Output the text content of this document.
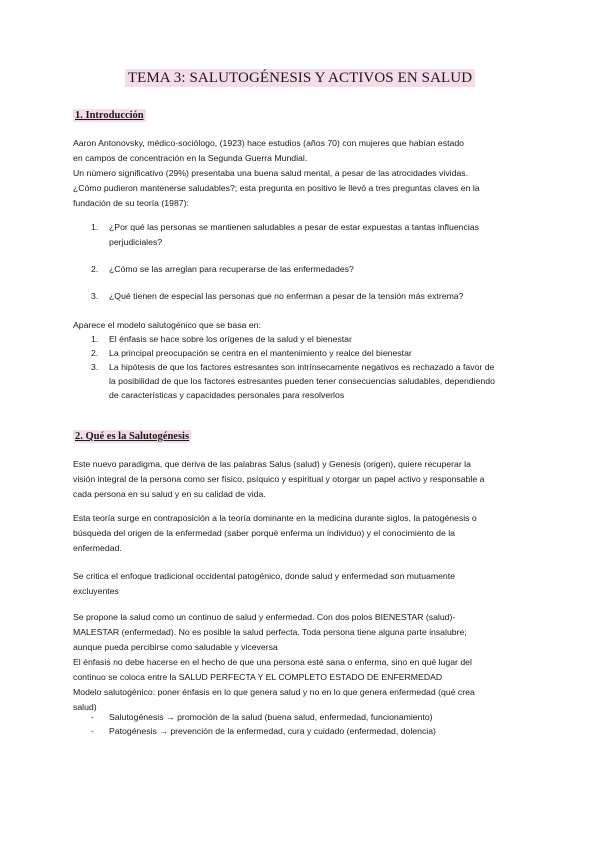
TEMA 3: SALUTOGÉNESIS Y ACTIVOS EN SALUD
1. Introducción
Aaron Antonovsky, médico-sociólogo, (1923) hace estudios (años 70) con mujeres que habían estado
en campos de concentración en la Segunda Guerra Mundial.
Un número significativo (29%) presentaba una buena salud mental, a pesar de las atrocidades vividas.
¿Cómo pudieron mantenerse saludables?; esta pregunta en positivo le llevó a tres preguntas claves en la
fundación de su teoría (1987):
1. ¿Por qué las personas se mantienen saludables a pesar de estar expuestas a tantas influencias
perjudiciales?
2. ¿Cómo se las arreglan para recuperarse de las enfermedades?
3. ¿Qué tienen de especial las personas que no enferman a pesar de la tensión más extrema?
Aparece el modelo salutogénico que se basa en:
1. El énfasis se hace sobre los orígenes de la salud y el bienestar
2. La principal preocupación se centra en el mantenimiento y realce del bienestar
3. La hipótesis de que los factores estresantes son intrínsecamente negativos es rechazado a favor de
la posibilidad de que los factores estresantes pueden tener consecuencias saludables, dependiendo
de características y capacidades personales para resolverlos
2. Qué es la Salutogénesis
Este nuevo paradigma, que deriva de las palabras Salus (salud) y Genesis (origen), quiere recuperar la
visión integral de la persona como ser físico, psíquico y espiritual y otorgar un papel activo y responsable a
cada persona en su salud y en su calidad de vida.
Esta teoría surge en contraposición a la teoría dominante en la medicina durante siglos, la patogénesis o
búsqueda del origen de la enfermedad (saber porqué enferma un individuo) y el conocimiento de la
enfermedad.
Se critica el enfoque tradicional occidental patogénico, donde salud y enfermedad son mutuamente
excluyentes
Se propone la salud como un continuo de salud y enfermedad. Con dos polos BIENESTAR (salud)-
MALESTAR (enfermedad). No es posible la salud perfecta. Toda persona tiene alguna parte insalubre;
aunque pueda percibirse como saludable y viceversa
El énfasis no debe hacerse en el hecho de que una persona esté sana o enferma, sino en qué lugar del
continuo se coloca entre la SALUD PERFECTA Y EL COMPLETO ESTADO DE ENFERMEDAD
Modelo salutogénico: poner énfasis en lo que genera salud y no en lo que genera enfermedad (qué crea
salud)
- Salutogénesis → promoción de la salud (buena salud, enfermedad, funcionamiento)
- Patogénesis → prevención de la enfermedad, cura y cuidado (enfermedad, dolencia)
